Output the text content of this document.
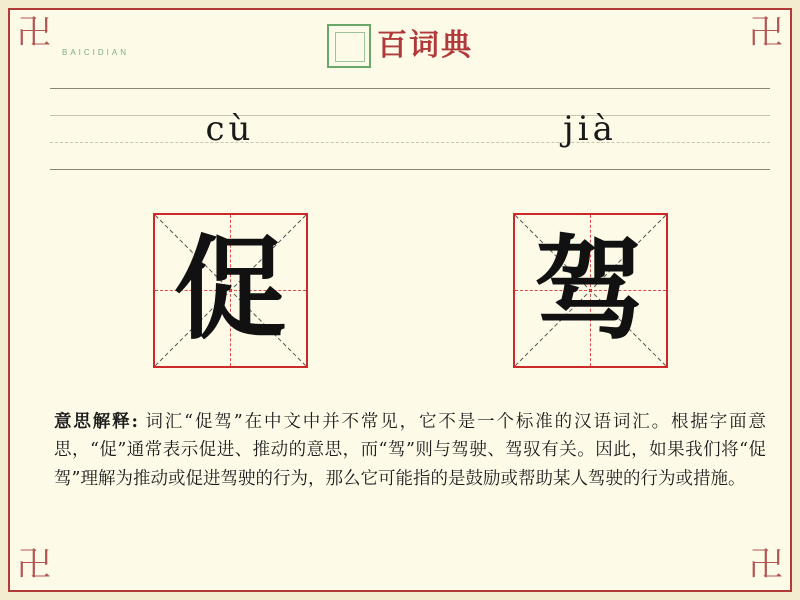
卍	卍
卍	卍
百词典
BAICIDIAN
cù	jià
促 驾
意思解释: 词汇“促驾”在中文中并不常见，它不是一个标准的汉语词汇。根据字面意思，“促”通常表示促进、推动的意思，而“驾”则与驾驶、驾驭有关。因此，如果我们将“促驾”理解为推动或促进驾驶的行为，那么它可能指的是鼓励或帮助某人驾驶的行为或措施。
